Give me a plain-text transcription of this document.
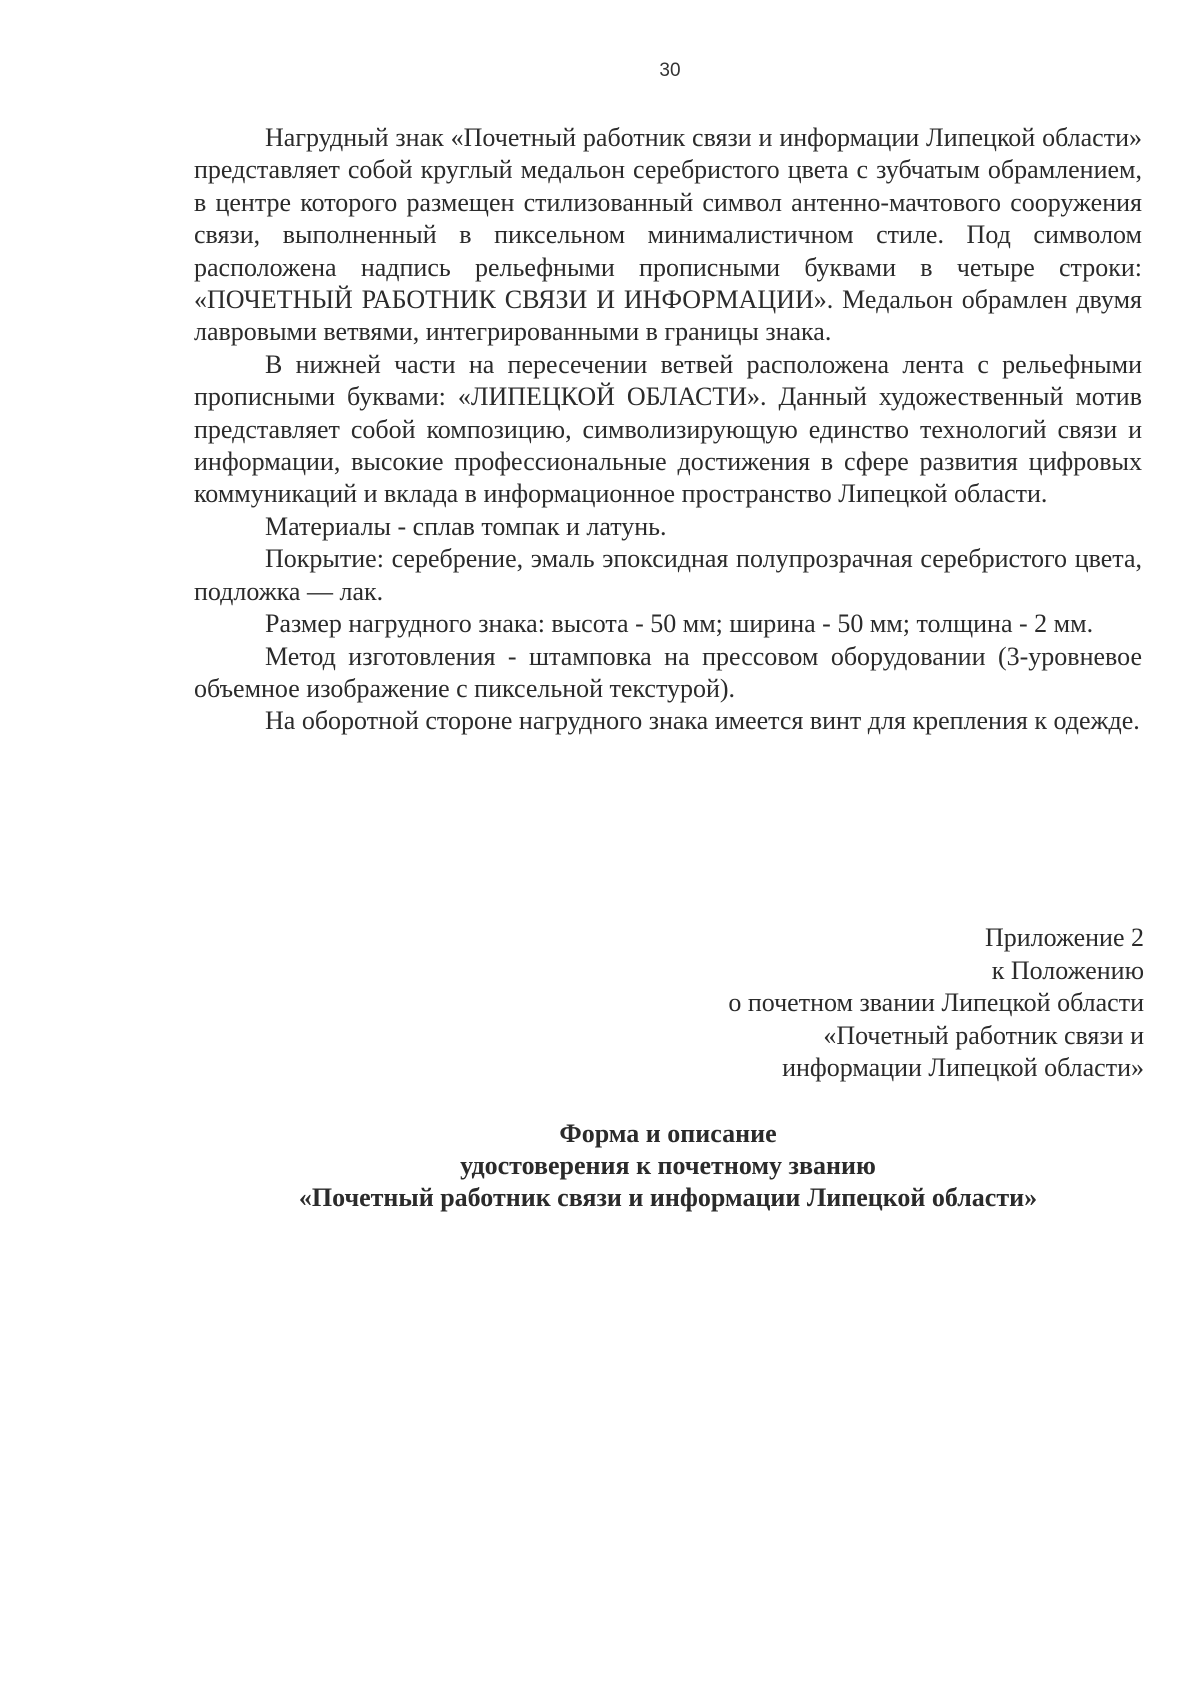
30

Нагрудный знак «Почетный работник связи и информации Липецкой области» представляет собой круглый медальон серебристого цвета с зубчатым обрамлением, в центре которого размещен стилизованный символ антенно-мачтового сооружения связи, выполненный в пиксельном минималистичном стиле. Под символом расположена надпись рельефными прописными буквами в четыре строки: «ПОЧЕТНЫЙ РАБОТНИК СВЯЗИ И ИНФОРМАЦИИ». Медальон обрамлен двумя лавровыми ветвями, интегрированными в границы знака.

В нижней части на пересечении ветвей расположена лента с рельефными прописными буквами: «ЛИПЕЦКОЙ ОБЛАСТИ». Данный художественный мотив представляет собой композицию, символизирующую единство технологий связи и информации, высокие профессиональные достижения в сфере развития цифровых коммуникаций и вклада в информационное пространство Липецкой области.

Материалы - сплав томпак и латунь.

Покрытие: серебрение, эмаль эпоксидная полупрозрачная серебристого цвета, подложка — лак.

Размер нагрудного знака: высота - 50 мм; ширина - 50 мм; толщина - 2 мм.

Метод изготовления - штамповка на прессовом оборудовании (3-уровневое объемное изображение с пиксельной текстурой).

На оборотной стороне нагрудного знака имеется винт для крепления к одежде.

Приложение 2
к Положению
о почетном звании Липецкой области
«Почетный работник связи и
информации Липецкой области»
Форма и описание
удостоверения к почетному званию
«Почетный работник связи и информации Липецкой области»
